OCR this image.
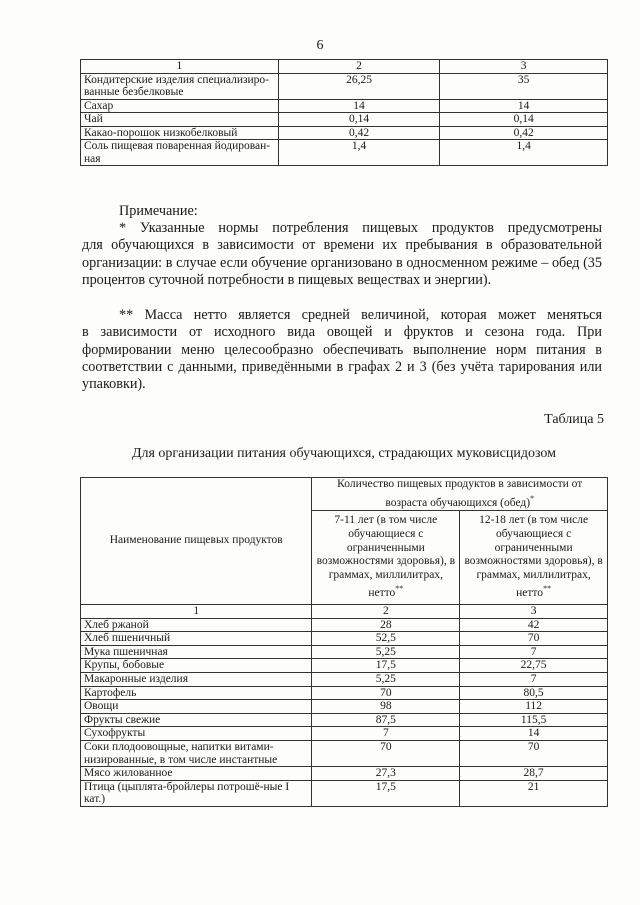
6
1	2	3
Кондитерские изделия специализиро-ванные безбелковые	26,25	35
Сахар	14	14
Чай	0,14	0,14
Какао-порошок низкобелковый	0,42	0,42
Соль пищевая поваренная йодирован-ная	1,4	1,4
Примечание:
* Указанные нормы потребления пищевых продуктов предусмотрены
для обучающихся в зависимости от времени их пребывания в образовательной организации: в случае если обучение организовано в односменном режиме – обед (35 процентов суточной потребности в пищевых веществах и энергии).
** Масса нетто является средней величиной, которая может меняться
в зависимости от исходного вида овощей и фруктов и сезона года. При формировании меню целесообразно обеспечивать выполнение норм питания в соответствии с данными, приведёнными в графах 2 и 3 (без учёта тарирования или упаковки).
Таблица 5
Для организации питания обучающихся, страдающих муковисцидозом
Наименование пищевых продуктов	Количество пищевых продуктов в зависимости от возраста обучающихся (обед)*
	7-11 лет (в том числе обучающиеся с ограниченными возможностями здоровья), в граммах, миллилитрах, нетто**	12-18 лет (в том числе обучающиеся с ограниченными возможностями здоровья), в граммах, миллилитрах, нетто**
1	2	3
Хлеб ржаной	28	42
Хлеб пшеничный	52,5	70
Мука пшеничная	5,25	7
Крупы, бобовые	17,5	22,75
Макаронные изделия	5,25	7
Картофель	70	80,5
Овощи	98	112
Фрукты свежие	87,5	115,5
Сухофрукты	7	14
Соки плодоовощные, напитки витами-низированные, в том числе инстантные	70	70
Мясо жилованное	27,3	28,7
Птица (цыплята-бройлеры потрошё-ные I кат.)	17,5	21
